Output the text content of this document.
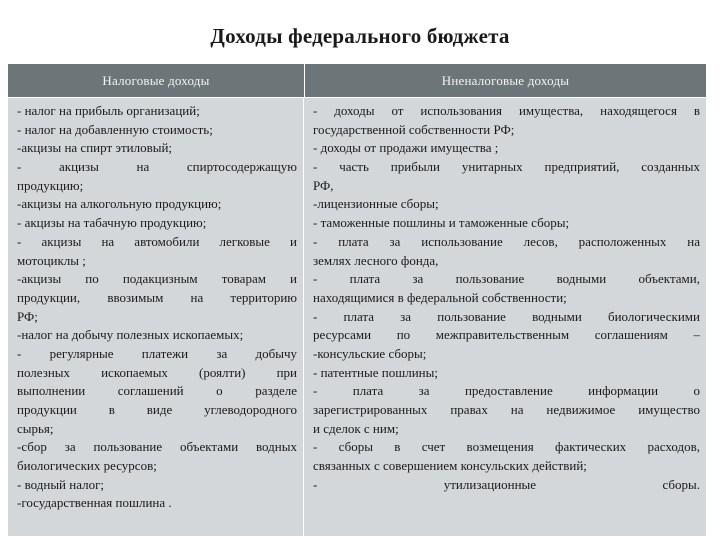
Доходы федерального бюджета
Налоговые доходы	Нненалоговые доходы
- налог на прибыль организаций;
- налог на добавленную стоимость;
-акцизы на спирт этиловый;
- акцизы на спиртосодержащую
продукцию;
-акцизы на алкогольную продукцию;
- акцизы на табачную продукцию;
- акцизы на автомобили легковые и
мотоциклы ;
-акцизы по подакцизным товарам и
продукции, ввозимым на территорию
РФ;
-налог на добычу полезных ископаемых;
- регулярные платежи за добычу
полезных ископаемых (роялти) при
выполнении соглашений о разделе
продукции в виде углеводородного
сырья;
-сбор за пользование объектами водных
биологических ресурсов;
- водный налог;
-государственная пошлина .
- доходы от использования имущества, находящегося в
государственной собственности РФ;
- доходы от продажи имущества ;
- часть прибыли унитарных предприятий, созданных
РФ,
-лицензионные сборы;
- таможенные пошлины и таможенные сборы;
- плата за использование лесов, расположенных на
землях лесного фонда,
- плата за пользование водными объектами,
находящимися в федеральной собственности;
- плата за пользование водными биологическими
ресурсами по межправительственным соглашениям –
-консульские сборы;
- патентные пошлины;
- плата за предоставление информации о
зарегистрированных правах на недвижимое имущество
и сделок с ним;
- сборы в счет возмещения фактических расходов,
связанных с совершением консульских действий;
- утилизационные сборы.
